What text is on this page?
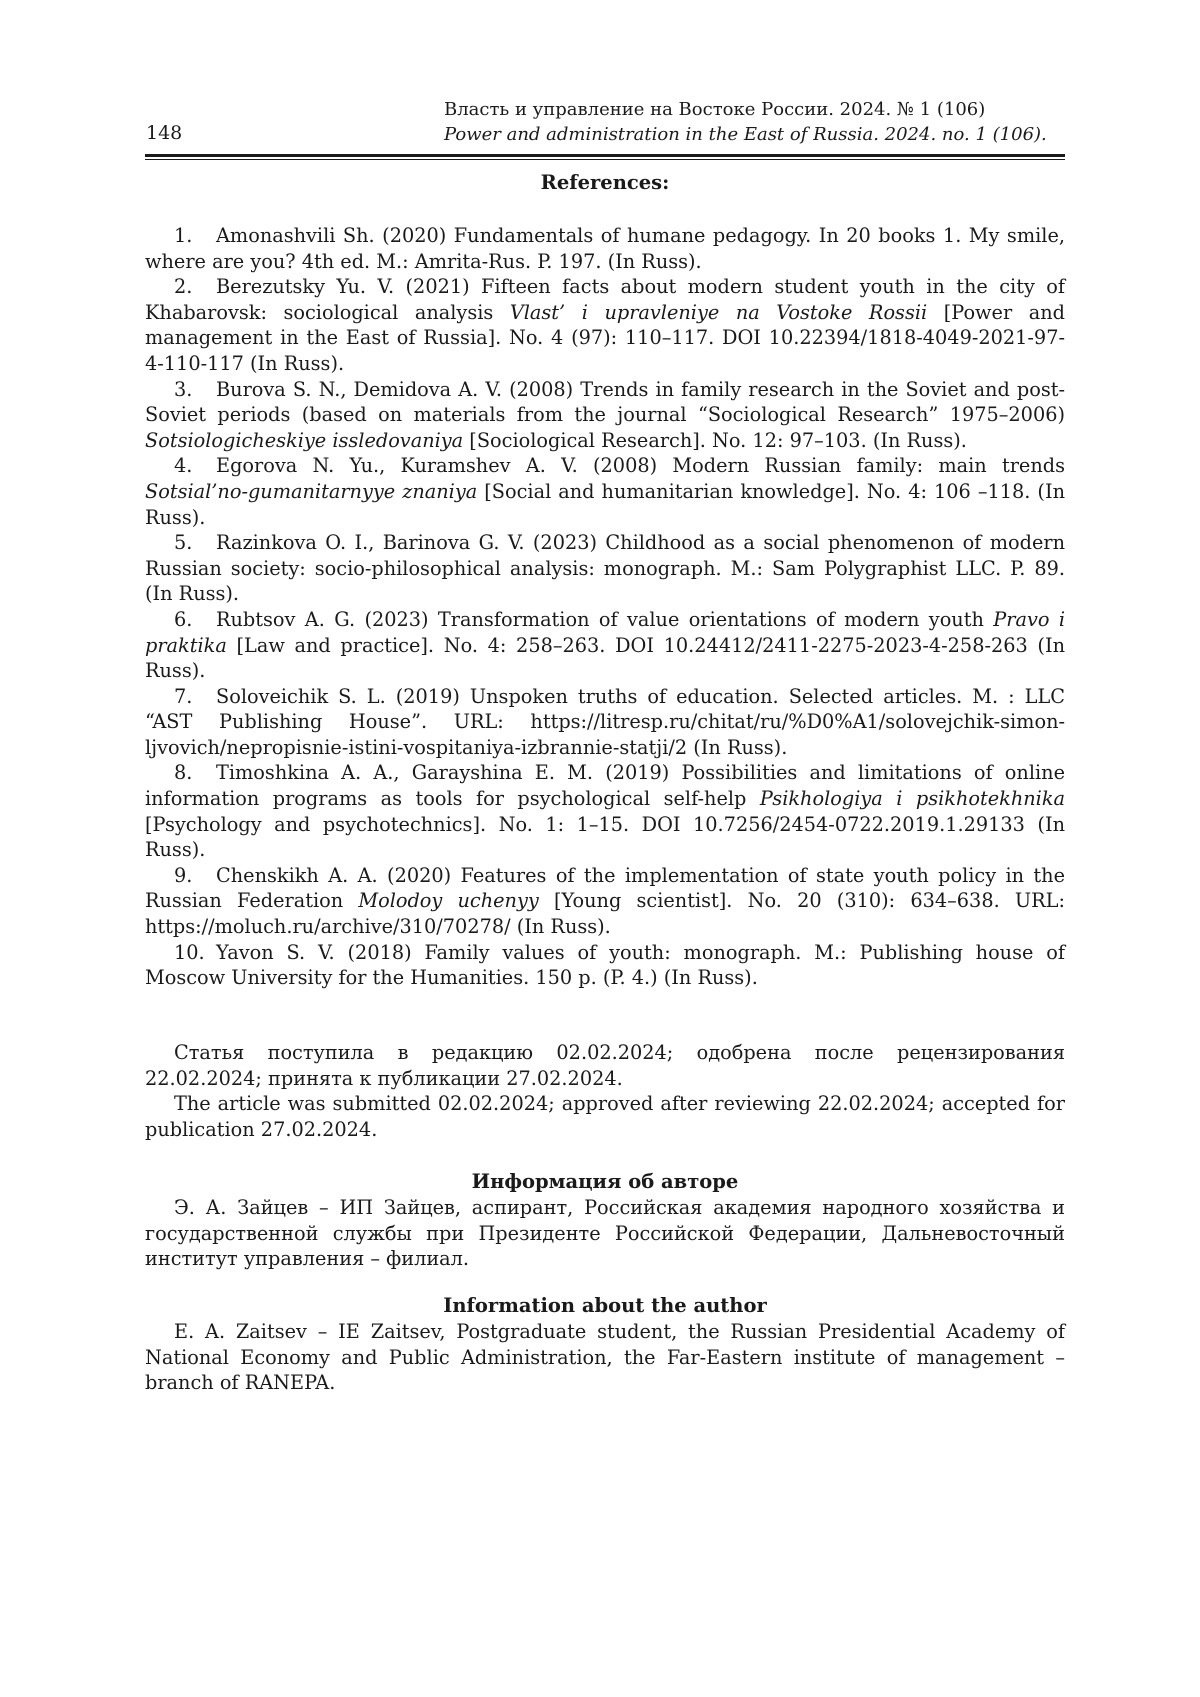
148
Власть и управление на Востоке России. 2024. № 1 (106)
Power and administration in the East of Russia. 2024. no. 1 (106).

References:

1. Amonashvili Sh. (2020) Fundamentals of humane pedagogy. In 20 books 1. My smile, where are you? 4th ed. M.: Amrita-Rus. P. 197. (In Russ).

2. Berezutsky Yu. V. (2021) Fifteen facts about modern student youth in the city of Khabarovsk: sociological analysis Vlast’ i upravleniye na Vostoke Rossii [Power and management in the East of Russia]. No. 4 (97): 110–117. DOI 10.22394/1818-4049-2021-97-4-110-117 (In Russ).

3. Burova S. N., Demidova A. V. (2008) Trends in family research in the Soviet and post-Soviet periods (based on materials from the journal “Sociological Research” 1975–2006) Sotsiologicheskiye issledovaniya [Sociological Research]. No. 12: 97–103. (In Russ).

4. Egorova N. Yu., Kuramshev A. V. (2008) Modern Russian family: main trends Sotsial’no-gumanitarnyye znaniya [Social and humanitarian knowledge]. No. 4: 106 –118. (In Russ).

5. Razinkova O. I., Barinova G. V. (2023) Childhood as a social phenomenon of modern Russian society: socio-philosophical analysis: monograph. M.: Sam Polygraphist LLC. P. 89. (In Russ).

6. Rubtsov A. G. (2023) Transformation of value orientations of modern youth Pravo i praktika [Law and practice]. No. 4: 258–263. DOI 10.24412/2411-2275-2023-4-258-263 (In Russ).

7. Soloveichik S. L. (2019) Unspoken truths of education. Selected articles. M. : LLC “AST Publishing House”. URL: https://litresp.ru/chitat/ru/%D0%A1/solovejchik-simon-ljvovich/nepropisnie-istini-vospitaniya-izbrannie-statji/2 (In Russ).

8. Timoshkina A. A., Garayshina E. M. (2019) Possibilities and limitations of online information programs as tools for psychological self-help Psikhologiya i psikhotekhnika [Psychology and psychotechnics]. No. 1: 1–15. DOI 10.7256/2454-0722.2019.1.29133 (In Russ).

9. Chenskikh A. A. (2020) Features of the implementation of state youth policy in the Russian Federation Molodoy uchenyy [Young scientist]. No. 20 (310): 634–638. URL: https://moluch.ru/archive/310/70278/ (In Russ).

10. Yavon S. V. (2018) Family values of youth: monograph. M.: Publishing house of Moscow University for the Humanities. 150 p. (P. 4.) (In Russ).

Статья поступила в редакцию 02.02.2024; одобрена после рецензирования 22.02.2024; принята к публикации 27.02.2024.

The article was submitted 02.02.2024; approved after reviewing 22.02.2024; accepted for publication 27.02.2024.

Информация об авторе

Э. А. Зайцев – ИП Зайцев, аспирант, Российская академия народного хозяйства и государственной службы при Президенте Российской Федерации, Дальневосточный институт управления – филиал.

Information about the author

E. A. Zaitsev – IE Zaitsev, Postgraduate student, the Russian Presidential Academy of National Economy and Public Administration, the Far-Eastern institute of management – branch of RANEPA.
